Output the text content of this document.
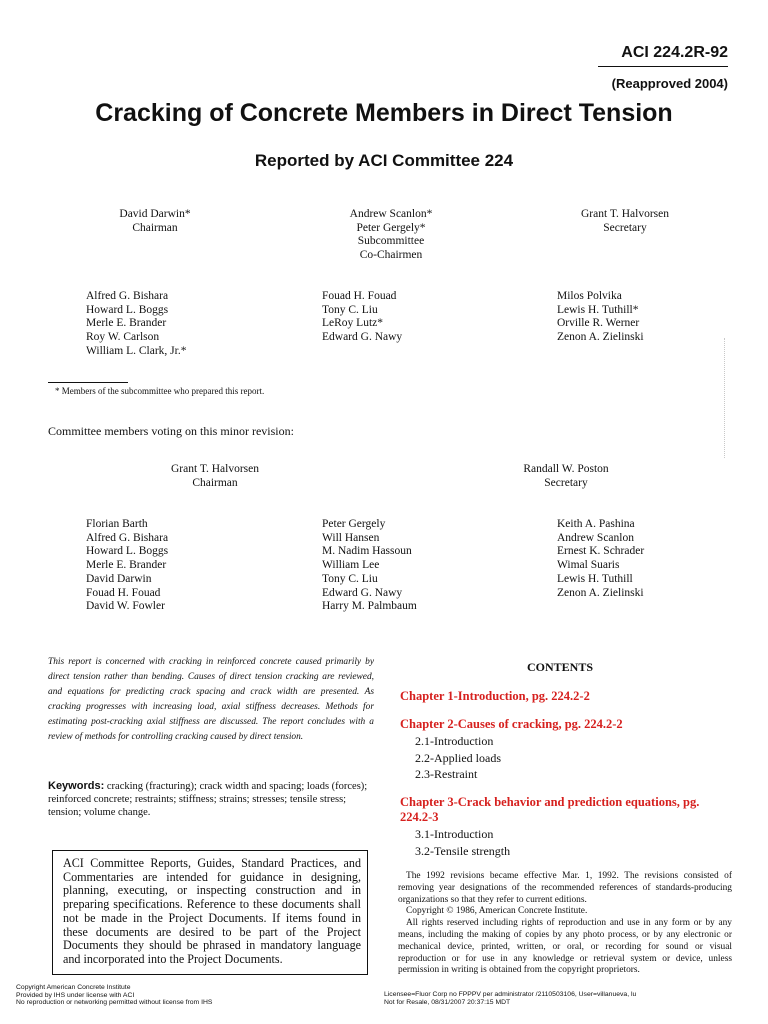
ACI 224.2R-92
(Reapproved 2004)
Cracking of Concrete Members in Direct Tension
Reported by ACI Committee 224
David Darwin*
Chairman
Andrew Scanlon*
Peter Gergely*
Subcommittee
Co-Chairmen
Grant T. Halvorsen
Secretary
Alfred G. Bishara
Howard L. Boggs
Merle E. Brander
Roy W. Carlson
William L. Clark, Jr.*
Fouad H. Fouad
Tony C. Liu
LeRoy Lutz*
Edward G. Nawy
Milos Polvika
Lewis H. Tuthill*
Orville R. Werner
Zenon A. Zielinski
* Members of the subcommittee who prepared this report.
Committee members voting on this minor revision:
Grant T. Halvorsen
Chairman
Randall W. Poston
Secretary
Florian Barth
Alfred G. Bishara
Howard L. Boggs
Merle E. Brander
David Darwin
Fouad H. Fouad
David W. Fowler
Peter Gergely
Will Hansen
M. Nadim Hassoun
William Lee
Tony C. Liu
Edward G. Nawy
Harry M. Palmbaum
Keith A. Pashina
Andrew Scanlon
Ernest K. Schrader
Wimal Suaris
Lewis H. Tuthill
Zenon A. Zielinski
This report is concerned with cracking in reinforced concrete caused primarily by direct tension rather than bending. Causes of direct tension cracking are reviewed, and equations for predicting crack spacing and crack width are presented. As cracking progresses with increasing load, axial stiffness decreases. Methods for estimating post-cracking axial stiffness are discussed. The report concludes with a review of methods for controlling cracking caused by direct tension.
Keywords: cracking (fracturing); crack width and spacing; loads (forces); reinforced concrete; restraints; stiffness; strains; stresses; tensile stress; tension; volume change.
ACI Committee Reports, Guides, Standard Practices, and Commentaries are intended for guidance in designing, planning, executing, or inspecting construction and in preparing specifications. Reference to these documents shall not be made in the Project Documents. If items found in these documents are desired to be part of the Project Documents they should be phrased in mandatory language and incorporated into the Project Documents.
CONTENTS
Chapter 1-Introduction, pg. 224.2-2
Chapter 2-Causes of cracking, pg. 224.2-2
2.1-Introduction
2.2-Applied loads
2.3-Restraint
Chapter 3-Crack behavior and prediction equations, pg.
224.2-3
3.1-Introduction
3.2-Tensile strength

The 1992 revisions became effective Mar. 1, 1992. The revisions consisted of removing year designations of the recommended references of standards-producing organizations so that they refer to current editions.

Copyright © 1986, American Concrete Institute.

All rights reserved including rights of reproduction and use in any form or by any means, including the making of copies by any photo process, or by any electronic or mechanical device, printed, written, or oral, or recording for sound or visual reproduction or for use in any knowledge or retrieval system or device, unless permission in writing is obtained from the copyright proprietors.

Copyright American Concrete Institute
Provided by IHS under license with ACI
No reproduction or networking permitted without license from IHS
Licensee=Fluor Corp no FPPPV per administrator /2110503106, User=villanueva, lu
Not for Resale, 08/31/2007 20:37:15 MDT
